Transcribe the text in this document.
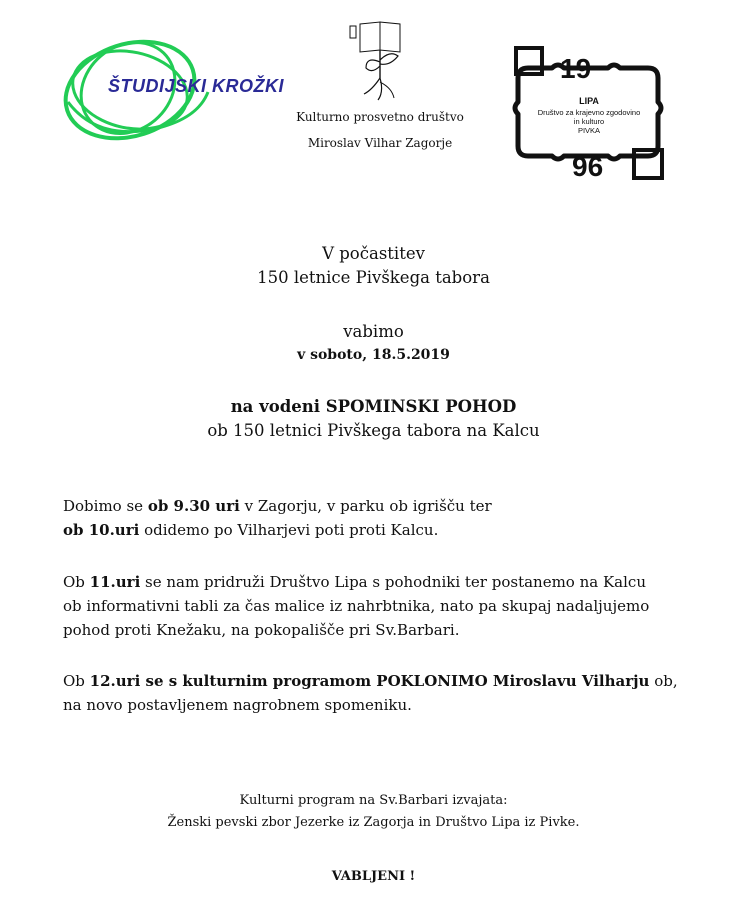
ŠTUDIJSKI KROŽKI
Kulturno prosvetno društvo
Miroslav Vilhar Zagorje
19
96
LIPA
Društvo za krajevno zgodovino
in kulturo
PIVKA

V počastitev

150 letnice Pivškega tabora

vabimo

v soboto, 18.5.2019

na vodeni SPOMINSKI POHOD

ob 150 letnici Pivškega tabora na Kalcu

Dobimo se ob 9.30 uri v Zagorju, v parku ob igrišču ter

ob 10.uri odidemo po Vilharjevi poti proti Kalcu.

Ob 11.uri se nam pridruži Društvo Lipa s pohodniki ter postanemo na Kalcu

ob informativni tabli za čas malice iz nahrbtnika, nato pa skupaj nadaljujemo

pohod proti Knežaku, na pokopališče pri Sv.Barbari.

Ob 12.uri se s kulturnim programom POKLONIMO Miroslavu Vilharju ob,

na novo postavljenem nagrobnem spomeniku.

Kulturni program na Sv.Barbari izvajata:

Ženski pevski zbor Jezerke iz Zagorja in Društvo Lipa iz Pivke.

VABLJENI !
